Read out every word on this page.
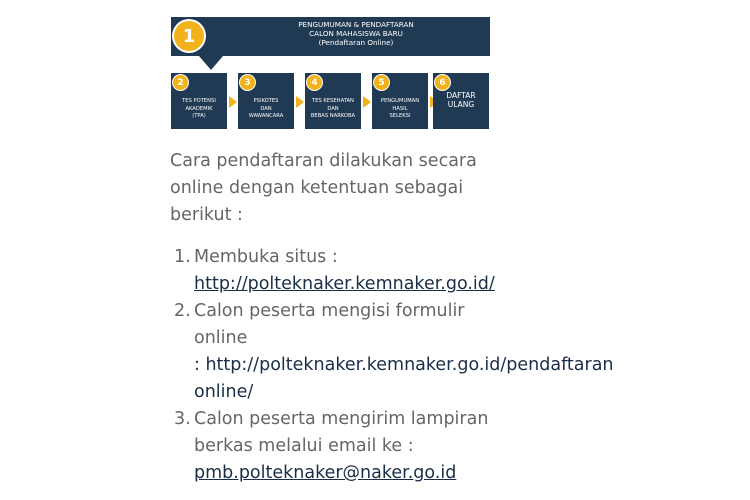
1
PENGUMUMAN & PENDAFTARAN
CALON MAHASISWA BARU
(Pendaftaran Online)
2
TES POTENSI
AKADEMIK
(TPA)
3
PSIKOTES
DAN
WAWANCARA
4
TES KESEHATAN
DAN
BEBAS NARKOBA
5
PENGUMUMAN
HASIL
SELEKSI
6
DAFTAR
ULANG
Cara pendaftaran dilakukan secara
online dengan ketentuan sebagai
berikut :
1. Membuka situs :
http://polteknaker.kemnaker.go.id/
2. Calon peserta mengisi formulir
online
: http://polteknaker.kemnaker.go.id/pendaftaran
online/
3. Calon peserta mengirim lampiran
berkas melalui email ke :
pmb.polteknaker@naker.go.id
